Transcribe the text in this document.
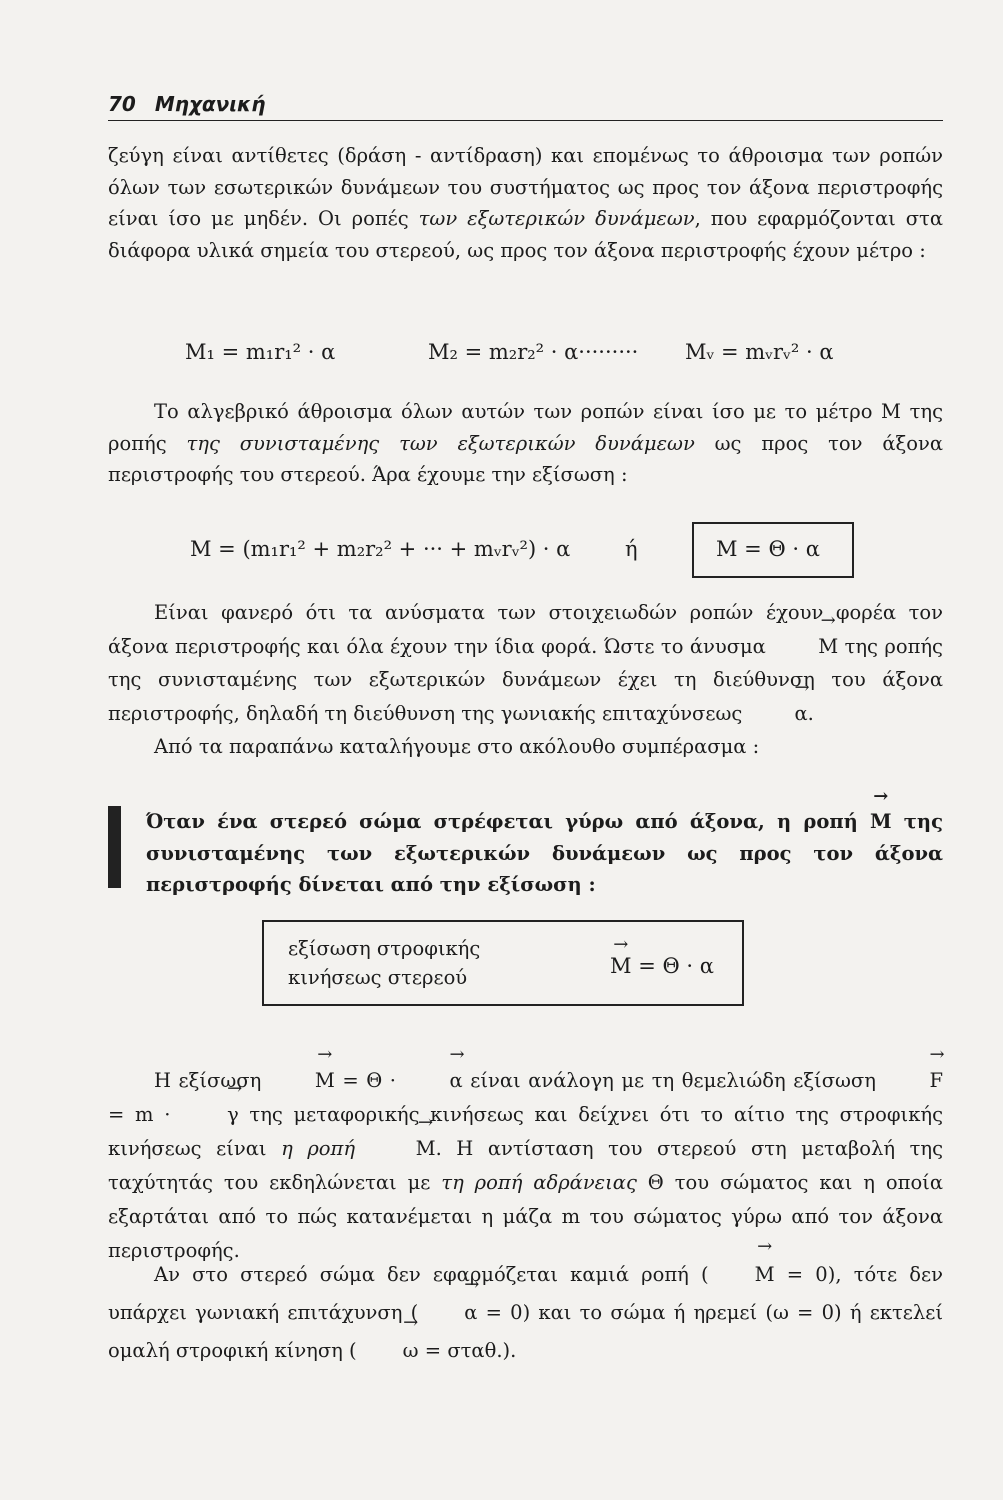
70 Μηχανική

ζεύγη είναι αντίθετες (δράση - αντίδραση) και επομένως το άθροισμα των ροπών όλων των εσωτερικών δυνάμεων του συστήματος ως προς τον άξονα περιστροφής είναι ίσο με μηδέν. Οι ροπές των εξωτερικών δυνάμεων, που εφαρμόζονται στα διάφορα υλικά σημεία του στερεού, ως προς τον άξονα περιστροφής έχουν μέτρο :

M₁ = m₁r₁² · α	M₂ = m₂r₂² · α········· Mᵥ = mᵥrᵥ² · α

Το αλγεβρικό άθροισμα όλων αυτών των ροπών είναι ίσο με το μέτρο M της ροπής της συνισταμένης των εξωτερικών δυνάμεων ως προς τον άξονα περιστροφής του στερεού. Άρα έχουμε την εξίσωση :

M = (m₁r₁² + m₂r₂² + ··· + mᵥrᵥ²) · α	ή	M = Θ · α

Είναι φανερό ότι τα ανύσματα των στοιχειωδών ροπών έχουν φορέα τον άξονα περιστροφής και όλα έχουν την ίδια φορά. Ώστε το άνυσμα → M της ροπής της συνισταμένης των εξωτερικών δυνάμεων έχει τη διεύθυνση του άξονα περιστροφής, δηλαδή τη διεύθυνση της γωνιακής επιταχύνσεως → α.

Από τα παραπάνω καταλήγουμε στο ακόλουθο συμπέρασμα :

Όταν ένα στερεό σώμα στρέφεται γύρω από άξονα, η ροπή → M της συνισταμένης των εξωτερικών δυνάμεων ως προς τον άξονα περιστροφής δίνεται από την εξίσωση :
εξίσωση στροφικής
κινήσεως στερεού	→ M = Θ · α

Η εξίσωση → M = Θ · → α είναι ανάλογη με τη θεμελιώδη εξίσωση → F = m · → γ της μεταφορικής κινήσεως και δείχνει ότι το αίτιο της στροφικής κινήσεως είναι η ροπή	→ M. Η αντίσταση του στερεού στη μεταβολή της ταχύτητάς του εκδηλώνεται με τη ροπή αδράνειας Θ του σώματος και η οποία εξαρτάται από το πώς κατανέμεται η μάζα m του σώματος γύρω από τον άξονα περιστροφής.

Αν στο στερεό σώμα δεν εφαρμόζεται καμιά ροπή ( → M = 0), τότε δεν υπάρχει γωνιακή επιτάχυνση ( → α = 0) και το σώμα ή ηρεμεί (ω = 0) ή εκτελεί ομαλή στροφική κίνηση ( → ω = σταθ.).
